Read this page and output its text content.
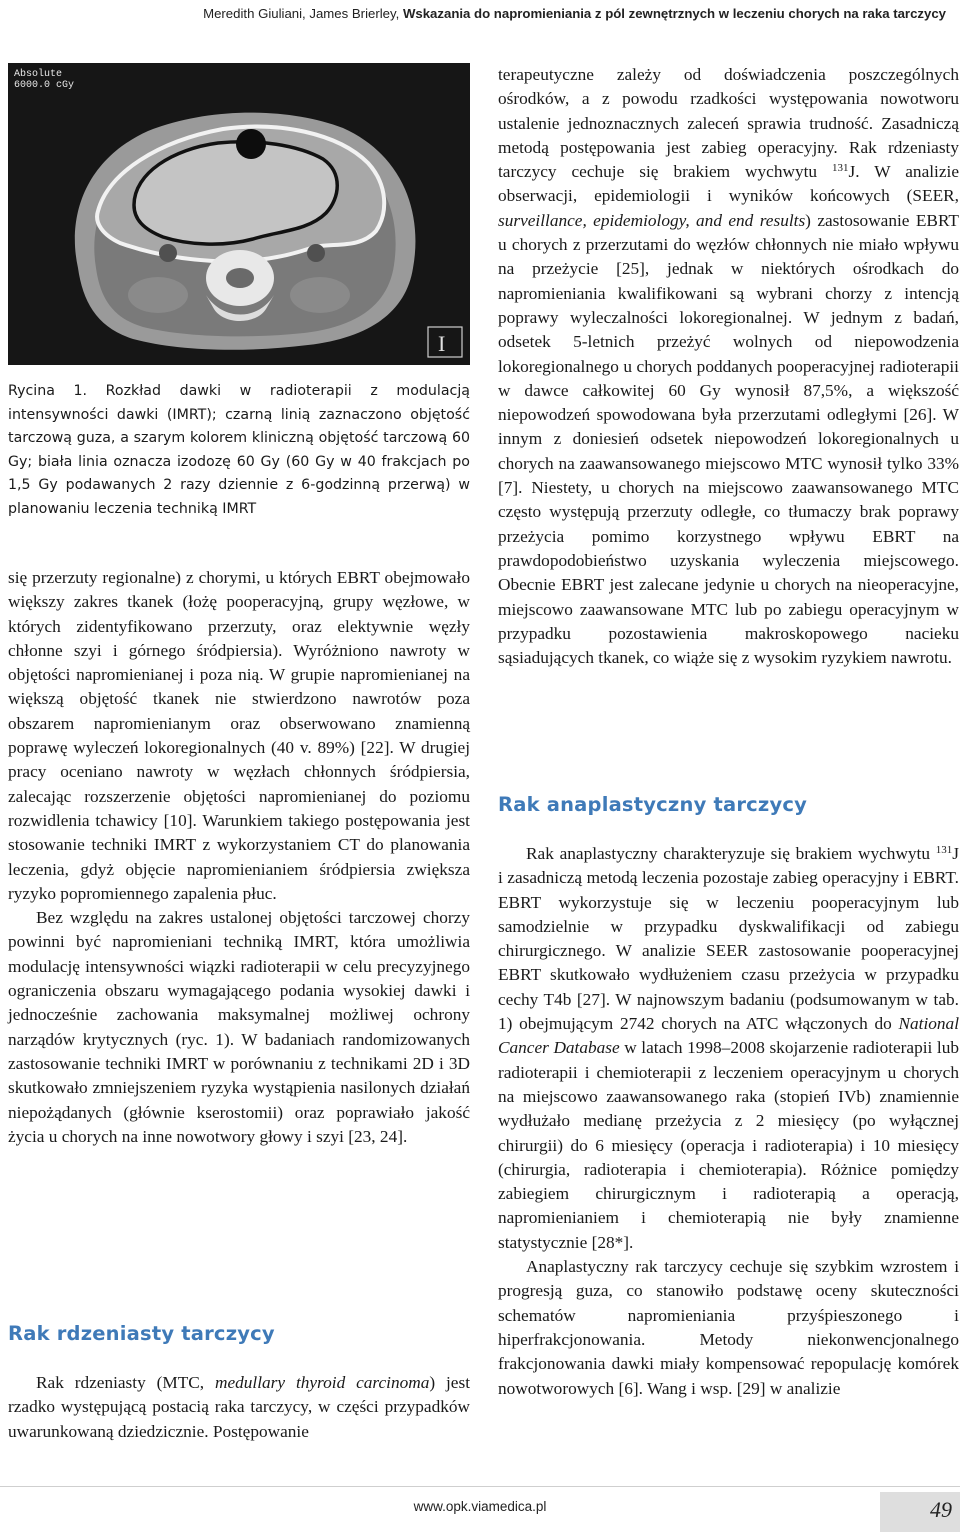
Meredith Giuliani, James Brierley, Wskazania do napromieniania z pól zewnętrznych w leczeniu chorych na raka tarczycy
Absolute
6000.0 cGy
I
Rycina 1. Rozkład dawki w radioterapii z modulacją intensywności dawki (IMRT); czarną linią zaznaczono objętość tarczową guza, a szarym kolorem kliniczną objętość tarczową 60 Gy; biała linia oznacza izodozę 60 Gy (60 Gy w 40 frakcjach po 1,5 Gy podawanych 2 razy dziennie z 6-godzinną przerwą) w planowaniu leczenia techniką IMRT

się przerzuty regionalne) z chorymi, u których EBRT obejmowało większy zakres tkanek (łożę pooperacyjną, grupy węzłowe, w których zidentyfikowano przerzuty, oraz elektywnie węzły chłonne szyi i górnego śródpiersia). Wyróżniono nawroty w objętości napromienianej i poza nią. W grupie napromienianej na większą objętość tkanek nie stwierdzono nawrotów poza obszarem napromienianym oraz obserwowano znamienną poprawę wyleczeń lokoregionalnych (40 v. 89%) [22]. W drugiej pracy oceniano nawroty w węzłach chłonnych śródpiersia, zalecając rozszerzenie objętości napromienianej do poziomu rozwidlenia tchawicy [10]. Warunkiem takiego postępowania jest stosowanie techniki IMRT z wykorzystaniem CT do planowania leczenia, gdyż objęcie napromienianiem śródpiersia zwiększa ryzyko popromiennego zapalenia płuc.

Bez względu na zakres ustalonej objętości tarczowej chorzy powinni być napromieniani techniką IMRT, która umożliwia modulację intensywności wiązki radioterapii w celu precyzyjnego ograniczenia obszaru wymagającego podania wysokiej dawki i jednocześnie zachowania maksymalnej możliwej ochrony narządów krytycznych (ryc. 1). W badaniach randomizowanych zastosowanie techniki IMRT w porównaniu z technikami 2D i 3D skutkowało zmniejszeniem ryzyka wystąpienia nasilonych działań niepożądanych (głównie kserostomii) oraz poprawiało jakość życia u chorych na inne nowotwory głowy i szyi [23, 24].

Rak rdzeniasty tarczycy

Rak rdzeniasty (MTC, medullary thyroid carcinoma) jest rzadko występującą postacią raka tarczycy, w części przypadków uwarunkowaną dziedzicznie. Postępowanie

terapeutyczne zależy od doświadczenia poszczególnych ośrodków, a z powodu rzadkości występowania nowotworu ustalenie jednoznacznych zaleceń sprawia trudność. Zasadniczą metodą postępowania jest zabieg operacyjny. Rak rdzeniasty tarczycy cechuje się brakiem wychwytu $^{131}$J. W analizie obserwacji, epidemiologii i wyników końcowych (SEER, surveillance, epidemiology, and end results) zastosowanie EBRT u chorych z przerzutami do węzłów chłonnych nie miało wpływu na przeżycie [25], jednak w niektórych ośrodkach do napromieniania kwalifikowani są wybrani chorzy z intencją poprawy wyleczalności lokoregionalnej. W jednym z badań, odsetek 5-letnich przeżyć wolnych od niepowodzenia lokoregionalnego u chorych poddanych pooperacyjnej radioterapii w dawce całkowitej 60 Gy wynosił 87,5%, a większość niepowodzeń spowodowana była przerzutami odległymi [26]. W innym z doniesień odsetek niepowodzeń lokoregionalnych u chorych na zaawansowanego miejscowo MTC wynosił tylko 33% [7]. Niestety, u chorych na miejscowo zaawansowanego MTC często występują przerzuty odległe, co tłumaczy brak poprawy przeżycia pomimo korzystnego wpływu EBRT na prawdopodobieństwo uzyskania wyleczenia miejscowego. Obecnie EBRT jest zalecane jedynie u chorych na nieoperacyjne, miejscowo zaawansowane MTC lub po zabiegu operacyjnym w przypadku pozostawienia makroskopowego nacieku sąsiadujących tkanek, co wiąże się z wysokim ryzykiem nawrotu.

Rak anaplastyczny tarczycy

Rak anaplastyczny charakteryzuje się brakiem wychwytu $^{131}$J i zasadniczą metodą leczenia pozostaje zabieg operacyjny i EBRT. EBRT wykorzystuje się w leczeniu pooperacyjnym lub samodzielnie w przypadku dyskwalifikacji od zabiegu chirurgicznego. W analizie SEER zastosowanie pooperacyjnej EBRT skutkowało wydłużeniem czasu przeżycia w przypadku cechy T4b [27]. W najnowszym badaniu (podsumowanym w tab. 1) obejmującym 2742 chorych na ATC włączonych do National Cancer Database w latach 1998–2008 skojarzenie radioterapii lub radioterapii i chemioterapii z leczeniem operacyjnym u chorych na miejscowo zaawansowanego raka (stopień IVb) znamiennie wydłużało medianę przeżycia z 2 miesięcy (po wyłącznej chirurgii) do 6 miesięcy (operacja i radioterapia) i 10 miesięcy (chirurgia, radioterapia i chemioterapia). Różnice pomiędzy zabiegiem chirurgicznym i radioterapią a operacją, napromienianiem i chemioterapią nie były znamienne statystycznie [28*].

Anaplastyczny rak tarczycy cechuje się szybkim wzrostem i progresją guza, co stanowiło podstawę oceny skuteczności schematów napromieniania przyśpieszonego i hiperfrakcjonowania. Metody niekonwencjonalnego frakcjonowania dawki miały kompensować repopulację komórek nowotworowych [6]. Wang i wsp. [29] w analizie

www.opk.viamedica.pl	49
